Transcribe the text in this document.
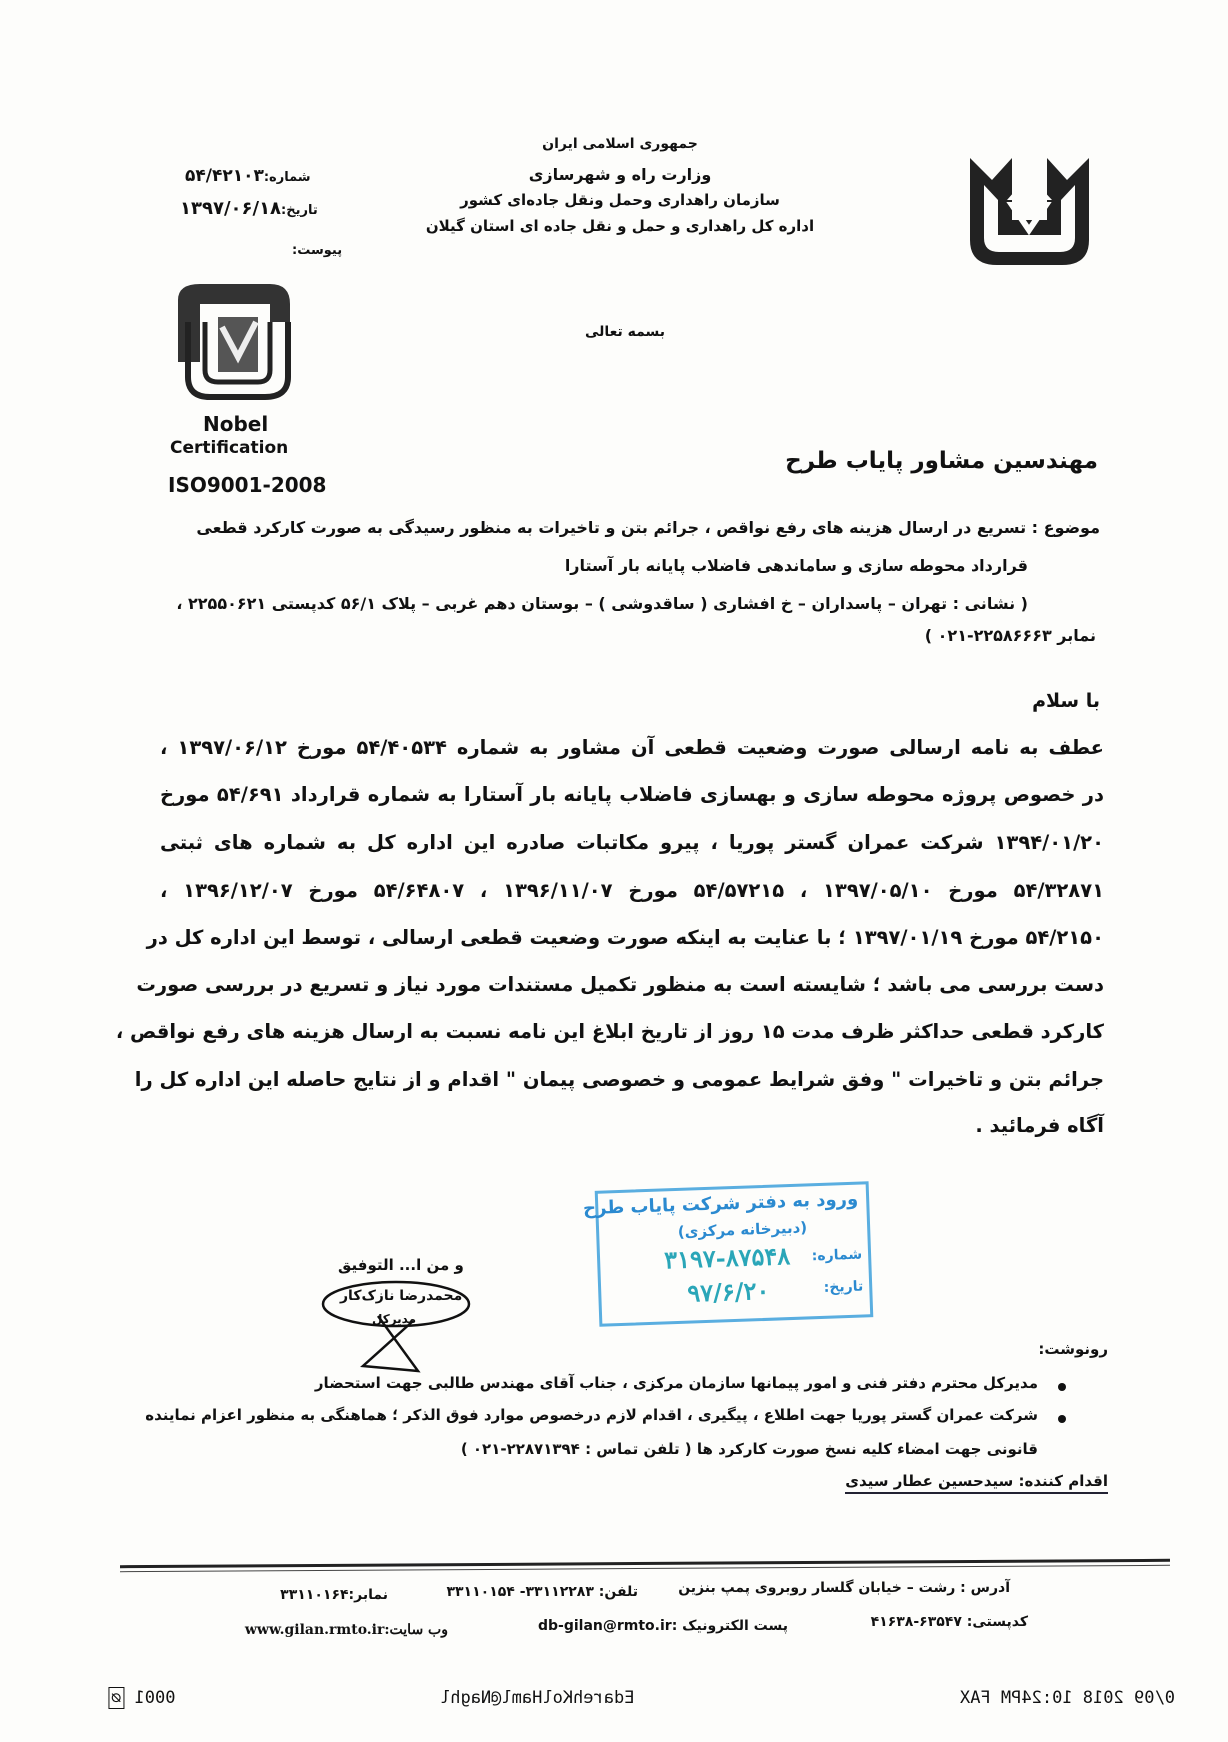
جمهوری اسلامی ایران
وزارت راه و شهرسازی
سازمان راهداری وحمل ونقل جاده‌ای کشور
اداره کل راهداری و حمل و نقل جاده ای استان گیلان
شماره:۵۴/۴۲۱۰۳
تاریخ:۱۳۹۷/۰۶/۱۸
پیوست:
Nobel
Certification
ISO9001-2008
بسمه تعالی
مهندسین مشاور پایاب طرح
موضوع : تسریع در ارسال هزینه های رفع نواقص ، جرائم بتن و تاخیرات به منظور رسیدگی به صورت کارکرد قطعی
قرارداد محوطه سازی و ساماندهی فاضلاب پایانه بار آستارا
( نشانی : تهران – پاسداران – خ افشاری ( ساقدوشی ) – بوستان دهم غربی – پلاک ۵۶/۱ کدپستی ۲۲۵۵۰۶۲۱ ،
نمابر ۲۲۵۸۶۶۶۳-۰۲۱ )
با سلام
عطف به نامه ارسالی صورت وضعیت قطعی آن مشاور به شماره ۵۴/۴۰۵۳۴ مورخ ۱۳۹۷/۰۶/۱۲ ،
در خصوص پروژه محوطه سازی و بهسازی فاضلاب پایانه بار آستارا به شماره قرارداد ۵۴/۶۹۱ مورخ
۱۳۹۴/۰۱/۲۰ شرکت عمران گستر پوریا ، پیرو مکاتبات صادره این اداره کل به شماره های ثبتی
۵۴/۳۲۸۷۱ مورخ ۱۳۹۷/۰۵/۱۰ ، ۵۴/۵۷۲۱۵ مورخ ۱۳۹۶/۱۱/۰۷ ، ۵۴/۶۴۸۰۷ مورخ ۱۳۹۶/۱۲/۰۷ ،
۵۴/۲۱۵۰ مورخ ۱۳۹۷/۰۱/۱۹ ؛ با عنایت به اینکه صورت وضعیت قطعی ارسالی ، توسط این اداره کل در
دست بررسی می باشد ؛ شایسته است به منظور تکمیل مستندات مورد نیاز و تسریع در بررسی صورت
کارکرد قطعی حداکثر ظرف مدت ۱۵ روز از تاریخ ابلاغ این نامه نسبت به ارسال هزینه های رفع نواقص ،
جرائم بتن و تاخیرات " وفق شرایط عمومی و خصوصی پیمان " اقدام و از نتایج حاصله این اداره کل را
آگاه فرمائید .
ورود به دفتر شرکت پایاب طرح
(دبیرخانه مرکزی)
شماره:
۳۱۹۷-۸۷۵۴۸
تاریخ:
۹۷/۶/۲۰
و من ا... التوفیق
محمدرضا نازک‌کار
مدیرکل
رونوشت:
مدیرکل محترم دفتر فنی و امور پیمانها سازمان مرکزی ، جناب آقای مهندس طالبی جهت استحضار
شرکت عمران گستر پوریا جهت اطلاع ، پیگیری ، اقدام لازم درخصوص موارد فوق الذکر ؛ هماهنگی به منظور اعزام نماینده
قانونی جهت امضاء کلیه نسخ صورت کارکرد ها ( تلفن تماس : ۲۲۸۷۱۳۹۴-۰۲۱ )
اقدام کننده: سیدحسین عطار سیدی
آدرس : رشت – خیابان گلسار روبروی پمپ بنزین
تلفن: ۳۳۱۱۲۲۸۳- ۳۳۱۱۰۱۵۴
نمابر:۳۳۱۱۰۱۶۴
کدپستی: ۶۳۵۴۷-۴۱۶۳۸
پست الکترونیک :db-gilan@rmto.ir
وب سایت:www.gilan.rmto.ir
0/09 2018 10:24PM FAX
EdarehKolHaml@Naghl
0001 ⌀
